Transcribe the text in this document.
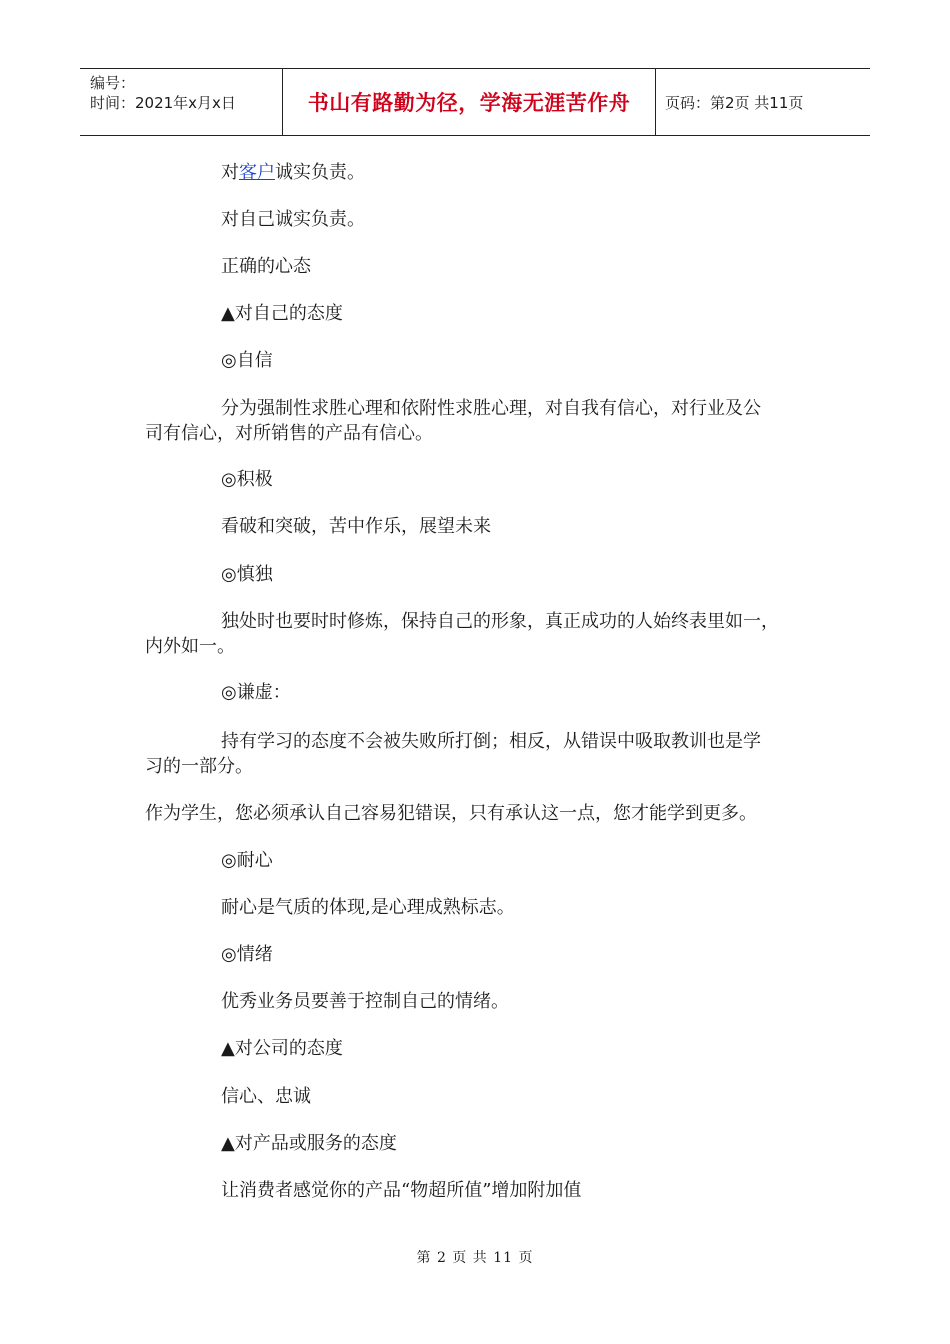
编号：
时间：2021年x月x日	书山有路勤为径，学海无涯苦作舟	页码：第2页 共11页
对客户诚实负责。
对自己诚实负责。
正确的心态
▲对自己的态度
◎自信
分为强制性求胜心理和依附性求胜心理，对自我有信心，对行业及公
司有信心，对所销售的产品有信心。
◎积极
看破和突破，苦中作乐，展望未来
◎慎独
独处时也要时时修炼，保持自己的形象，真正成功的人始终表里如一，
内外如一。
◎谦虚：
持有学习的态度不会被失败所打倒；相反，从错误中吸取教训也是学
习的一部分。
作为学生，您必须承认自己容易犯错误，只有承认这一点，您才能学到更多。
◎耐心
耐心是气质的体现,是心理成熟标志。
◎情绪
优秀业务员要善于控制自己的情绪。
▲对公司的态度
信心、忠诚
▲对产品或服务的态度
让消费者感觉你的产品“物超所值”增加附加值
第 2 页 共 11 页
